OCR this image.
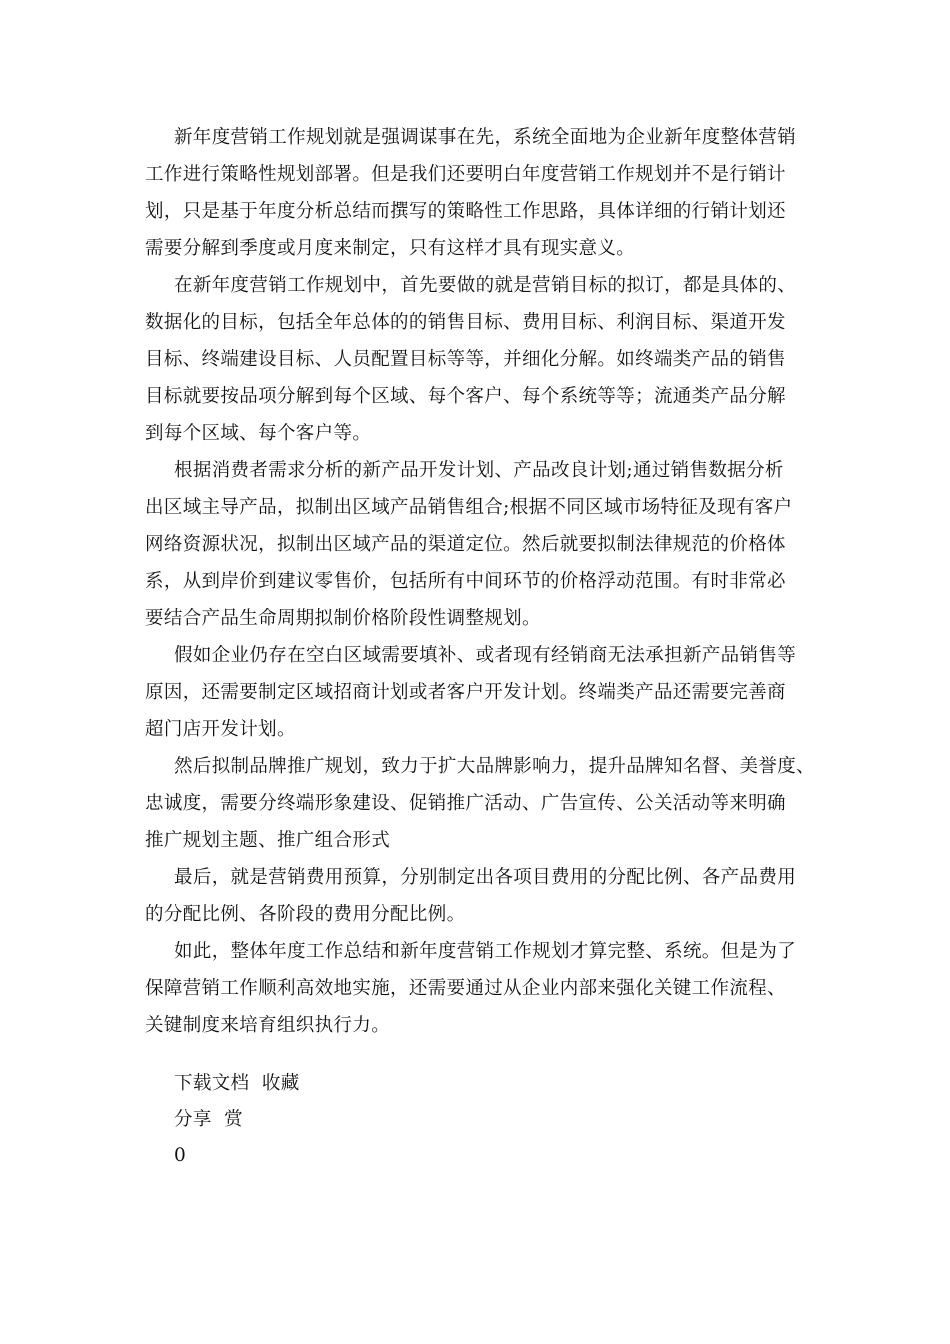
新年度营销工作规划就是强调谋事在先，系统全面地为企业新年度整体营销
工作进行策略性规划部署。但是我们还要明白年度营销工作规划并不是行销计
划，只是基于年度分析总结而撰写的策略性工作思路，具体详细的行销计划还
需要分解到季度或月度来制定，只有这样才具有现实意义。
在新年度营销工作规划中，首先要做的就是营销目标的拟订，都是具体的、
数据化的目标，包括全年总体的的销售目标、费用目标、利润目标、渠道开发
目标、终端建设目标、人员配置目标等等，并细化分解。如终端类产品的销售
目标就要按品项分解到每个区域、每个客户、每个系统等等；流通类产品分解
到每个区域、每个客户等。
根据消费者需求分析的新产品开发计划、产品改良计划;通过销售数据分析
出区域主导产品，拟制出区域产品销售组合;根据不同区域市场特征及现有客户
网络资源状况，拟制出区域产品的渠道定位。然后就要拟制法律规范的价格体
系，从到岸价到建议零售价，包括所有中间环节的价格浮动范围。有时非常必
要结合产品生命周期拟制价格阶段性调整规划。
假如企业仍存在空白区域需要填补、或者现有经销商无法承担新产品销售等
原因，还需要制定区域招商计划或者客户开发计划。终端类产品还需要完善商
超门店开发计划。
然后拟制品牌推广规划，致力于扩大品牌影响力，提升品牌知名督、美誉度、
忠诚度，需要分终端形象建设、促销推广活动、广告宣传、公关活动等来明确
推广规划主题、推广组合形式
最后，就是营销费用预算，分别制定出各项目费用的分配比例、各产品费用
的分配比例、各阶段的费用分配比例。
如此，整体年度工作总结和新年度营销工作规划才算完整、系统。但是为了
保障营销工作顺利高效地实施，还需要通过从企业内部来强化关键工作流程、
关键制度来培育组织执行力。
下载文档 收藏
分享 赏
0
